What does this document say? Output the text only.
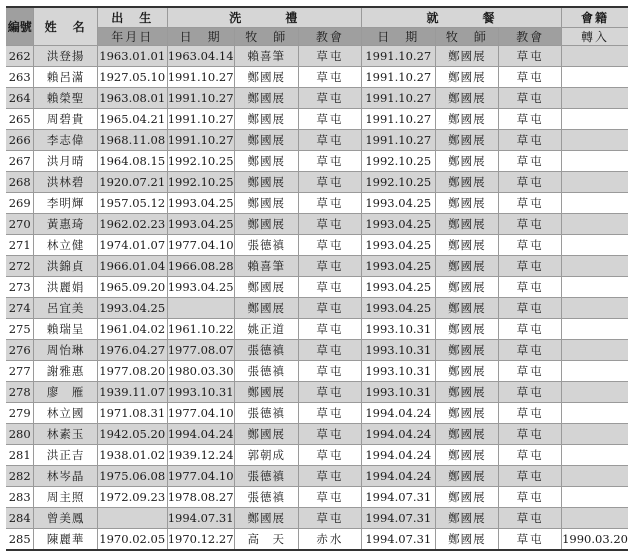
編號	姓　名	出　生	洗　　　禮			就　　　餐			會籍
		年月日	日　期	牧　師	教會	日　期	牧　師	教會	轉入
262	洪登揚	1963.01.01	1963.04.14	賴喜筆	草屯	1991.10.27	鄭國展	草屯	
263	賴呂滿	1927.05.10	1991.10.27	鄭國展	草屯	1991.10.27	鄭國展	草屯	
264	賴榮聖	1963.08.01	1991.10.27	鄭國展	草屯	1991.10.27	鄭國展	草屯	
265	周碧貴	1965.04.21	1991.10.27	鄭國展	草屯	1991.10.27	鄭國展	草屯	
266	李志偉	1968.11.08	1991.10.27	鄭國展	草屯	1991.10.27	鄭國展	草屯	
267	洪月晴	1964.08.15	1992.10.25	鄭國展	草屯	1992.10.25	鄭國展	草屯	
268	洪林碧	1920.07.21	1992.10.25	鄭國展	草屯	1992.10.25	鄭國展	草屯	
269	李明輝	1957.05.12	1993.04.25	鄭國展	草屯	1993.04.25	鄭國展	草屯	
270	黃惠琦	1962.02.23	1993.04.25	鄭國展	草屯	1993.04.25	鄭國展	草屯	
271	林立健	1974.01.07	1977.04.10	張德禛	草屯	1993.04.25	鄭國展	草屯	
272	洪錦貞	1966.01.04	1966.08.28	賴喜筆	草屯	1993.04.25	鄭國展	草屯	
273	洪麗娟	1965.09.20	1993.04.25	鄭國展	草屯	1993.04.25	鄭國展	草屯	
274	呂宜美	1993.04.25		鄭國展	草屯	1993.04.25	鄭國展	草屯	
275	賴瑞呈	1961.04.02	1961.10.22	姚正道	草屯	1993.10.31	鄭國展	草屯	
276	周怡琳	1976.04.27	1977.08.07	張德禛	草屯	1993.10.31	鄭國展	草屯	
277	謝雅惠	1977.08.20	1980.03.30	張德禛	草屯	1993.10.31	鄭國展	草屯	
278	廖　雁	1939.11.07	1993.10.31	鄭國展	草屯	1993.10.31	鄭國展	草屯	
279	林立國	1971.08.31	1977.04.10	張德禛	草屯	1994.04.24	鄭國展	草屯	
280	林素玉	1942.05.20	1994.04.24	鄭國展	草屯	1994.04.24	鄭國展	草屯	
281	洪正吉	1938.01.02	1939.12.24	郭朝成	草屯	1994.04.24	鄭國展	草屯	
282	林岑晶	1975.06.08	1977.04.10	張德禛	草屯	1994.04.24	鄭國展	草屯	
283	周主照	1972.09.23	1978.08.27	張德禛	草屯	1994.07.31	鄭國展	草屯	
284	曾美鳳		1994.07.31	鄭國展	草屯	1994.07.31	鄭國展	草屯	
285	陳麗華	1970.02.05	1970.12.27	高　天	赤水	1994.07.31	鄭國展	草屯	1990.03.20
